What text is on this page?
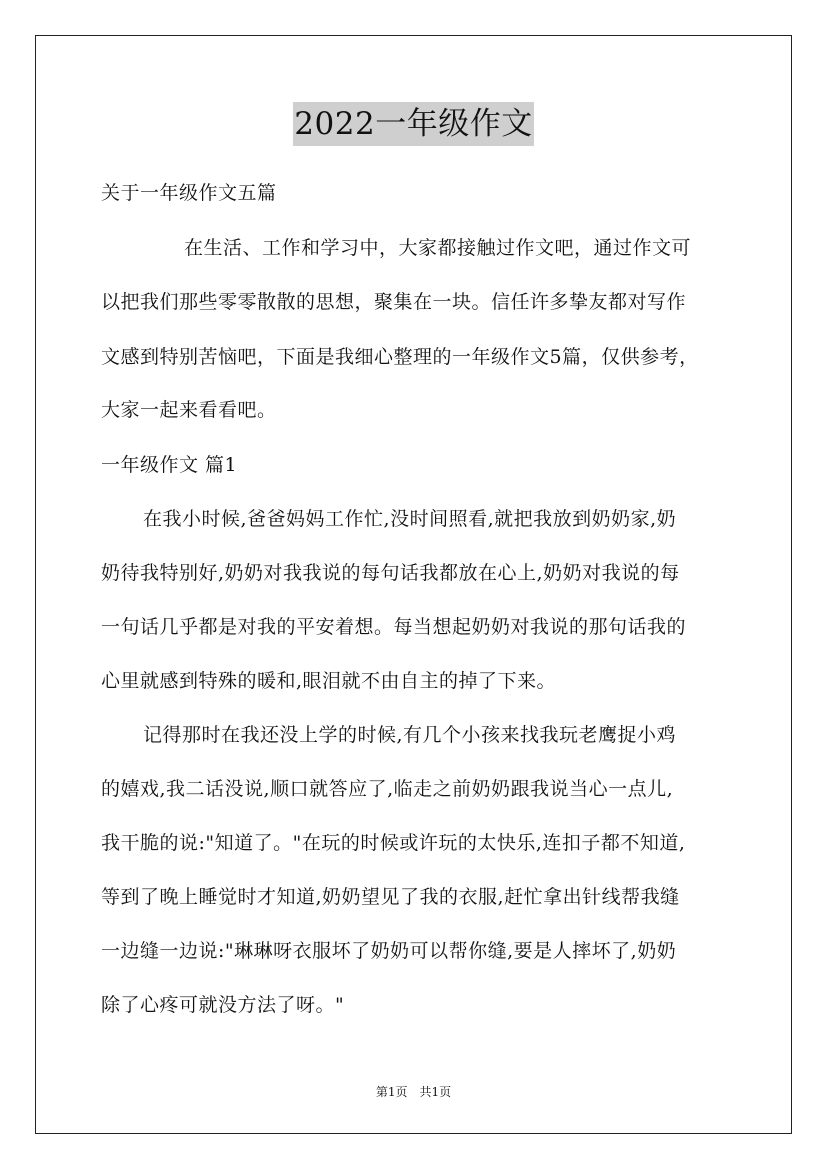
2022一年级作文
关于一年级作文五篇
在生活、工作和学习中，大家都接触过作文吧，通过作文可
以把我们那些零零散散的思想，聚集在一块。信任许多挚友都对写作
文感到特别苦恼吧，下面是我细心整理的一年级作文5篇，仅供参考，
大家一起来看看吧。
一年级作文 篇1
在我小时候,爸爸妈妈工作忙,没时间照看,就把我放到奶奶家,奶
奶待我特别好,奶奶对我我说的每句话我都放在心上,奶奶对我说的每
一句话几乎都是对我的平安着想。每当想起奶奶对我说的那句话我的
心里就感到特殊的暖和,眼泪就不由自主的掉了下来。
记得那时在我还没上学的时候,有几个小孩来找我玩老鹰捉小鸡
的嬉戏,我二话没说,顺口就答应了,临走之前奶奶跟我说当心一点儿,
我干脆的说:"知道了。"在玩的时候或许玩的太快乐,连扣子都不知道,
等到了晚上睡觉时才知道,奶奶望见了我的衣服,赶忙拿出针线帮我缝
一边缝一边说:"琳琳呀衣服坏了奶奶可以帮你缝,要是人摔坏了,奶奶
除了心疼可就没方法了呀。"
第1页　共1页
